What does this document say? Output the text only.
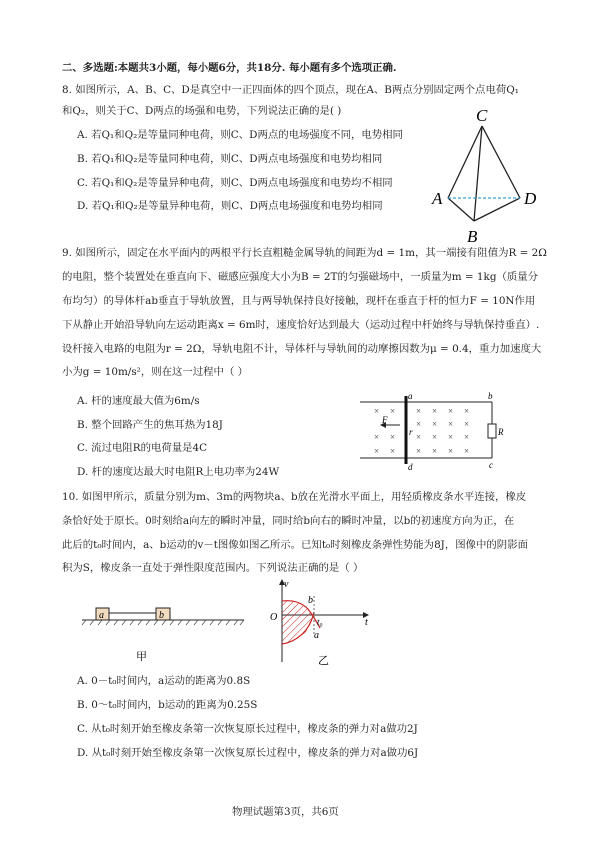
二、多选题:本题共3小题，每小题6分，共18分. 每小题有多个选项正确.
8. 如图所示，A、B、C、D是真空中一正四面体的四个顶点，现在A、B两点分别固定两个点电荷Q₁
和Q₂，则关于C、D两点的场强和电势，下列说法正确的是( )
A. 若Q₁和Q₂是等量同种电荷，则C、D两点的电场强度不同，电势相同
B. 若Q₁和Q₂是等量同种电荷，则C、D两点电场强度和电势均相同
C. 若Q₁和Q₂是等量异种电荷，则C、D两点电场强度和电势均不相同
D. 若Q₁和Q₂是等量异种电荷，则C、D两点电场强度和电势均相同
C
A
B
D
9. 如图所示，固定在水平面内的两根平行长直粗糙金属导轨的间距为d = 1m，其一端接有阻值为R = 2Ω
的电阻，整个装置处在垂直向下、磁感应强度大小为B = 2T的匀强磁场中，一质量为m = 1kg（质量分
布均匀）的导体杆ab垂直于导轨放置，且与两导轨保持良好接触，现杆在垂直于杆的恒力F = 10N作用
下从静止开始沿导轨向左运动距离x = 6m时，速度恰好达到最大（运动过程中杆始终与导轨保持垂直）.
设杆接入电路的电阻为r = 2Ω，导轨电阻不计，导体杆与导轨间的动摩擦因数为μ = 0.4，重力加速度大
小为g = 10m/s²，则在这一过程中（ ）
A. 杆的速度最大值为6m/s
B. 整个回路产生的焦耳热为18J
C. 流过电阻R的电荷量是4C
D. 杆的速度达最大时电阻R上电功率为24W
× ×
× ×
× ×
× × × ×
× × × ×
× × × ×
× × × ×
a	b
c
d
F
r	R
10. 如图甲所示，质量分别为m、3m的两物块a、b放在光滑水平面上，用轻质橡皮条水平连接，橡皮
条恰好处于原长。0时刻给a向左的瞬时冲量，同时给b向右的瞬时冲量，以b的初速度方向为正，在
此后的t₀时间内，a、b运动的v－t图像如图乙所示。已知t₀时刻橡皮条弹性势能为8J，图像中的阴影面
积为S，橡皮条一直处于弹性限度范围内。下列说法正确的是（ ）
a	b
甲
v
O	t
b
a
t₀
乙
A. 0－t₀时间内，a运动的距离为0.8S
B. 0～t₀时间内，b运动的距离为0.25S
C. 从t₀时刻开始至橡皮条第一次恢复原长过程中，橡皮条的弹力对a做功2J
D. 从t₀时刻开始至橡皮条第一次恢复原长过程中，橡皮条的弹力对a做功6J
物理试题第3页，共6页
